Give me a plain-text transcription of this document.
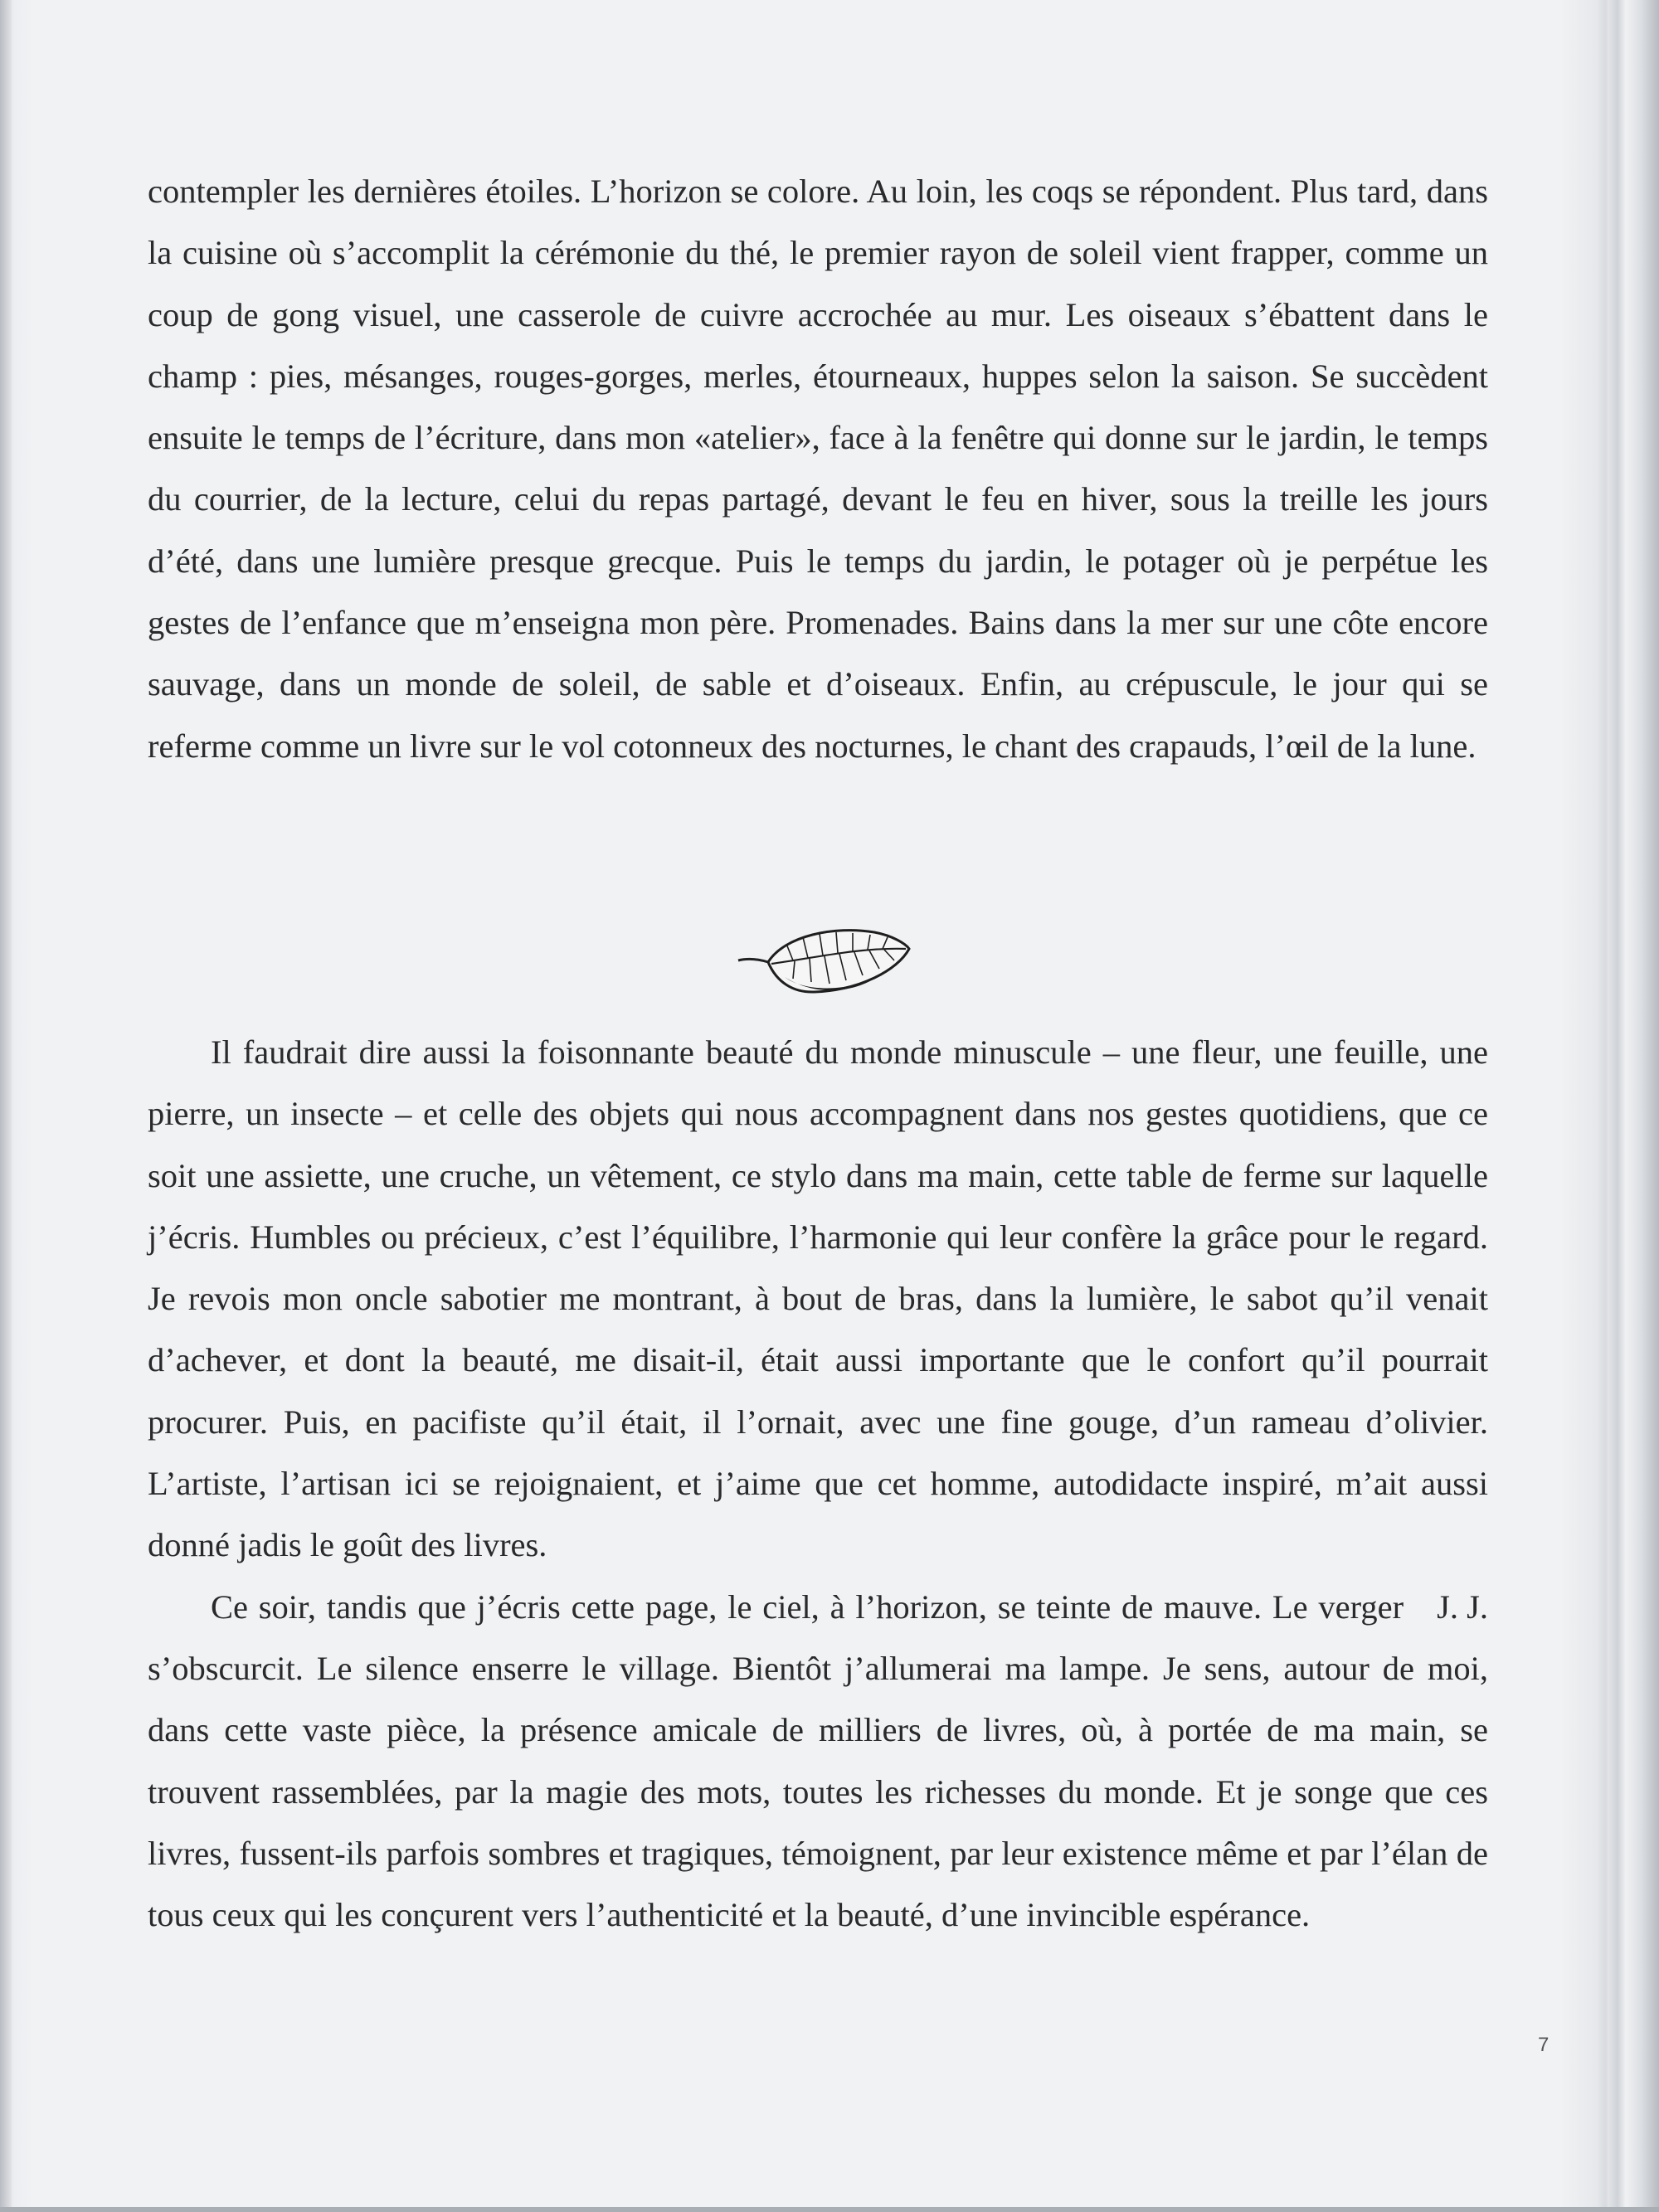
contempler les dernières étoiles. L’horizon se colore. Au loin, les coqs se répondent. Plus tard, dans la cuisine où s’accomplit la cérémonie du thé, le premier rayon de soleil vient frapper, comme un coup de gong visuel, une casserole de cuivre accrochée au mur. Les oiseaux s’ébattent dans le champ : pies, mésanges, rouges-gorges, merles, étourneaux, huppes selon la saison. Se succèdent ensuite le temps de l’écriture, dans mon «atelier», face à la fenêtre qui donne sur le jardin, le temps du courrier, de la lecture, celui du repas partagé, devant le feu en hiver, sous la treille les jours d’été, dans une lumière presque grecque. Puis le temps du jardin, le potager où je perpétue les gestes de l’enfance que m’enseigna mon père. Promenades. Bains dans la mer sur une côte encore sauvage, dans un monde de soleil, de sable et d’oiseaux. Enfin, au crépuscule, le jour qui se referme comme un livre sur le vol cotonneux des nocturnes, le chant des crapauds, l’œil de la lune.

Il faudrait dire aussi la foisonnante beauté du monde minuscule – une fleur, une feuille, une pierre, un insecte – et celle des objets qui nous accompagnent dans nos gestes quotidiens, que ce soit une assiette, une cruche, un vêtement, ce stylo dans ma main, cette table de ferme sur laquelle j’écris. Humbles ou précieux, c’est l’équilibre, l’harmonie qui leur confère la grâce pour le regard. Je revois mon oncle sabotier me montrant, à bout de bras, dans la lumière, le sabot qu’il venait d’achever, et dont la beauté, me disait-il, était aussi importante que le confort qu’il pourrait procurer. Puis, en pacifiste qu’il était, il l’ornait, avec une fine gouge, d’un rameau d’olivier. L’artiste, l’artisan ici se rejoignaient, et j’aime que cet homme, autodidacte inspiré, m’ait aussi donné jadis le goût des livres.

J. J.
Ce soir, tandis que j’écris cette page, le ciel, à l’horizon, se teinte de mauve. Le verger s’obscurcit. Le silence enserre le village. Bientôt j’allumerai ma lampe. Je sens, autour de moi, dans cette vaste pièce, la présence amicale de milliers de livres, où, à portée de ma main, se trouvent rassemblées, par la magie des mots, toutes les richesses du monde. Et je songe que ces livres, fussent-ils parfois sombres et tragiques, témoignent, par leur existence même et par l’élan de tous ceux qui les conçurent vers l’authenticité et la beauté, d’une invincible espérance.

7
